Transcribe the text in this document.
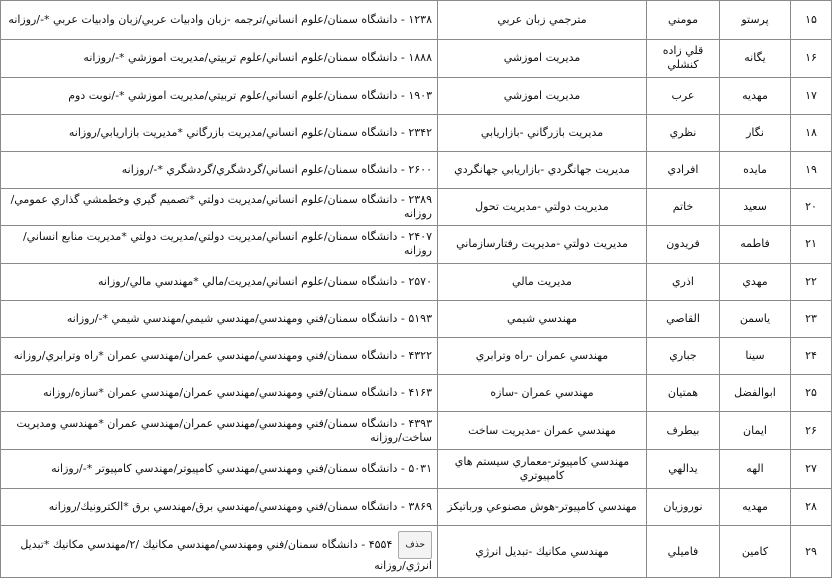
۱۵	پرستو	مومني	مترجمي زبان عربي	۱۲۳۸ - دانشگاه سمنان/علوم انساني/ترجمه -زبان وادبيات عربي/زبان وادبيات عربي *-/روزانه
۱۶	يگانه	قلي زاده كنشلي	مديريت اموزشي	۱۸۸۸ - دانشگاه سمنان/علوم انساني/علوم تربيتي/مديريت اموزشي *-/روزانه
۱۷	مهديه	عرب	مديريت اموزشي	۱۹۰۳ - دانشگاه سمنان/علوم انساني/علوم تربيتي/مديريت اموزشي *-/نوبت دوم
۱۸	نگار	نظري	مديريت بازرگاني -بازاريابي	۲۳۴۲ - دانشگاه سمنان/علوم انساني/مديريت بازرگاني *مديريت بازاريابي/روزانه
۱۹	مايده	افرادي	مديريت جهانگردي -بازاريابي جهانگردي	۲۶۰۰ - دانشگاه سمنان/علوم انساني/گردشگري/گردشگري *-/روزانه
۲۰	سعيد	خاتم	مديريت دولتي -مديريت تحول	۲۳۸۹ - دانشگاه سمنان/علوم انساني/مديريت دولتي *تصميم گيري وخطمشي گذاري عمومي/روزانه
۲۱	فاطمه	فريدون	مديريت دولتي -مديريت رفتارسازماني	۲۴۰۷ - دانشگاه سمنان/علوم انساني/مديريت دولتي/مديريت دولتي *مديريت منابع انساني/روزانه
۲۲	مهدي	اذري	مديريت مالي	۲۵۷۰ - دانشگاه سمنان/علوم انساني/مديريت/مالي *مهندسي مالي/روزانه
۲۳	ياسمن	القاصي	مهندسي شيمي	۵۱۹۳ - دانشگاه سمنان/فني ومهندسي/مهندسي شيمي/مهندسي شيمي *-/روزانه
۲۴	سينا	جباري	مهندسي عمران -راه وترابري	۴۳۲۲ - دانشگاه سمنان/فني ومهندسي/مهندسي عمران/مهندسي عمران *راه وترابري/روزانه
۲۵	ابوالفضل	همتيان	مهندسي عمران -سازه	۴۱۶۳ - دانشگاه سمنان/فني ومهندسي/مهندسي عمران/مهندسي عمران *سازه/روزانه
۲۶	ايمان	بيطرف	مهندسي عمران -مديريت ساخت	۴۳۹۳ - دانشگاه سمنان/فني ومهندسي/مهندسي عمران/مهندسي عمران *مهندسي ومديريت ساخت/روزانه
۲۷	الهه	يدالهي	مهندسي كامپيوتر-معماري سيستم هاي كامپيوتري	۵۰۳۱ - دانشگاه سمنان/فني ومهندسي/مهندسي كامپيوتر/مهندسي كامپيوتر *-/روزانه
۲۸	مهديه	نوروزيان	مهندسي كامپيوتر-هوش مصنوعي ورباتيكز	۳۸۶۹ - دانشگاه سمنان/فني ومهندسي/مهندسي برق/مهندسي برق *الكترونيك/روزانه
۲۹	كامين	فاميلي	مهندسي مكانيك -تبديل انرژي	حذف۴۵۵۴ - دانشگاه سمنان/فني ومهندسي/مهندسي مكانيك /۲/مهندسي مكانيك *تبديل انرژي/روزانه
